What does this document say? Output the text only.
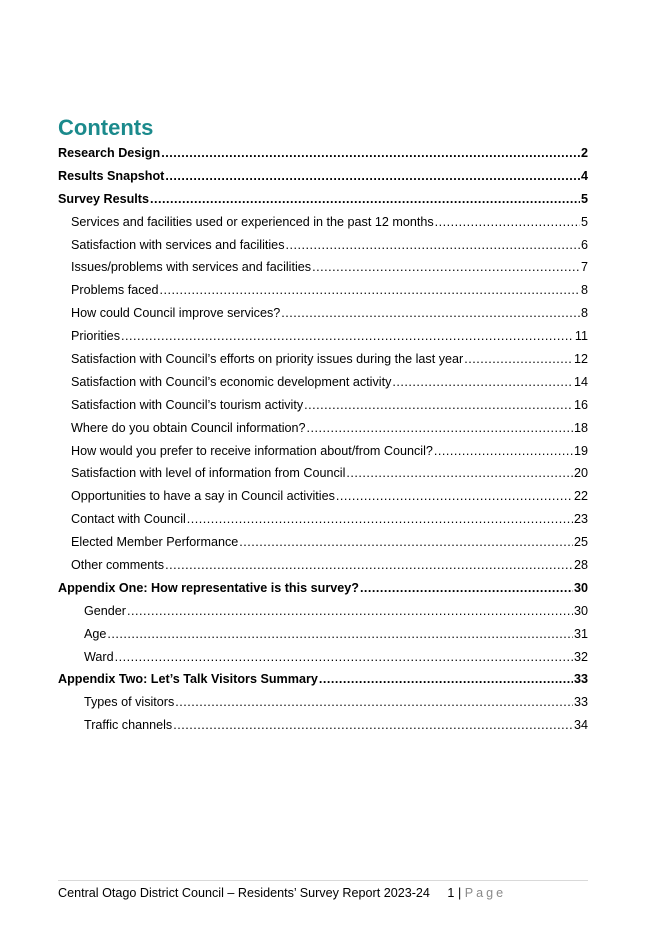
Contents
Research Design .....	2
Results Snapshot .....	4
Survey Results .....	5
Services and facilities used or experienced in the past 12 months .....	5
Satisfaction with services and facilities .....	6
Issues/problems with services and facilities .....	7
Problems faced .....	8
How could Council improve services? .....	8
Priorities .....	11
Satisfaction with Council’s efforts on priority issues during the last year .....	12
Satisfaction with Council’s economic development activity .....	14
Satisfaction with Council’s tourism activity .....	16
Where do you obtain Council information? .....	18
How would you prefer to receive information about/from Council? .....	19
Satisfaction with level of information from Council .....	20
Opportunities to have a say in Council activities .....	22
Contact with Council .....	23
Elected Member Performance .....	25
Other comments .....	28
Appendix One: How representative is this survey? .....	30
Gender .....	30
Age .....	31
Ward .....	32
Appendix Two: Let’s Talk Visitors Summary .....	33
Types of visitors .....	33
Traffic channels .....	34
Central Otago District Council – Residents’ Survey Report 2023-24 1 | Page
